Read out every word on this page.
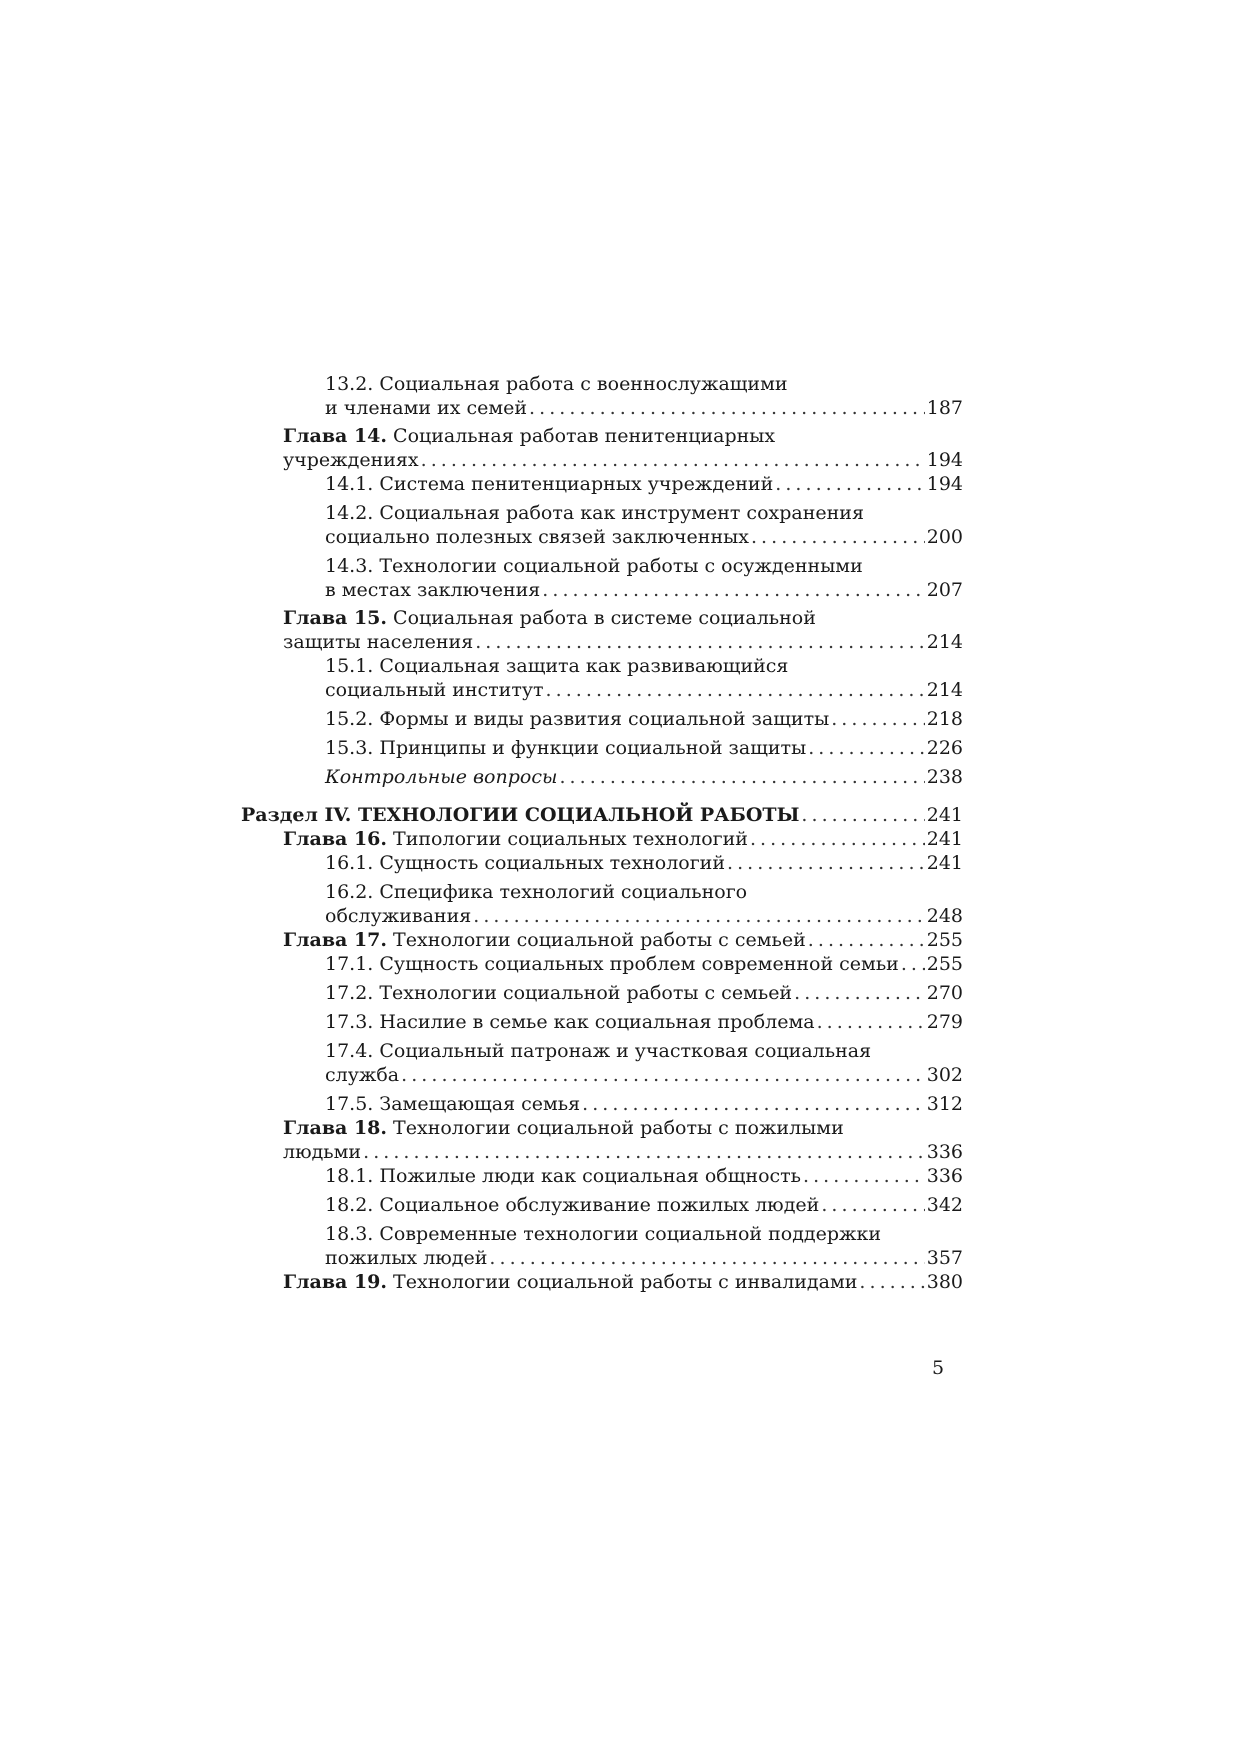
13.2. Социальная работа с военнослужащими
и членами их семей . . .	187
Глава 14. Социальная работав пенитенциарных
учреждениях . . .	194
14.1. Система пенитенциарных учреждений . . .	194
14.2. Социальная работа как инструмент сохранения
социально полезных связей заключенных . . .	200
14.3. Технологии социальной работы с осужденными
в местах заключения . . .	207
Глава 15. Социальная работа в системе социальной
защиты населения . . .	214
15.1. Социальная защита как развивающийся
социальный институт . . .	214
15.2. Формы и виды развития социальной защиты . . .	218
15.3. Принципы и функции социальной защиты . . .	226
Контрольные вопросы . . .	238
Раздел IV. ТЕХНОЛОГИИ СОЦИАЛЬНОЙ РАБОТЫ . . .	241
Глава 16. Типологии социальных технологий . . .	241
16.1. Сущность социальных технологий . . .	241
16.2. Специфика технологий социального
обслуживания . . .	248
Глава 17. Технологии социальной работы с семьей . . .	255
17.1. Сущность социальных проблем современной семьи . . . 255
17.2. Технологии социальной работы с семьей . . .	270
17.3. Насилие в семье как социальная проблема . . .	279
17.4. Социальный патронаж и участковая социальная
служба . . .	302
17.5. Замещающая семья . . .	312
Глава 18. Технологии социальной работы с пожилыми
людьми . . .	336
18.1. Пожилые люди как социальная общность . . .	336
18.2. Социальное обслуживание пожилых людей . . .	342
18.3. Современные технологии социальной поддержки
пожилых людей . . .	357
Глава 19. Технологии социальной работы с инвалидами . . .	380
5
